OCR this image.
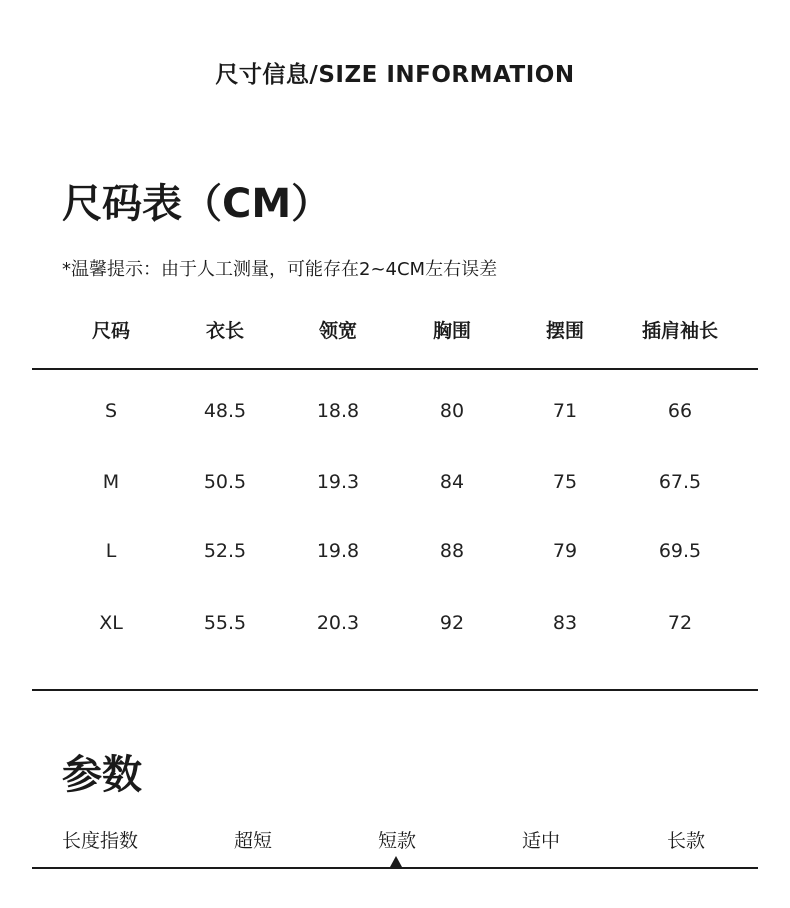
尺寸信息/SIZE INFORMATION
尺码表（CM）
*温馨提示：由于人工测量，可能存在2~4CM左右误差
尺码	衣长	领宽	胸围	摆围	插肩袖长
S	48.5	18.8	80	71	66
M	50.5	19.3	84	75	67.5
L	52.5	19.8	88	79	69.5
XL	55.5	20.3	92	83	72
参数
长度指数	超短	短款	适中	长款
